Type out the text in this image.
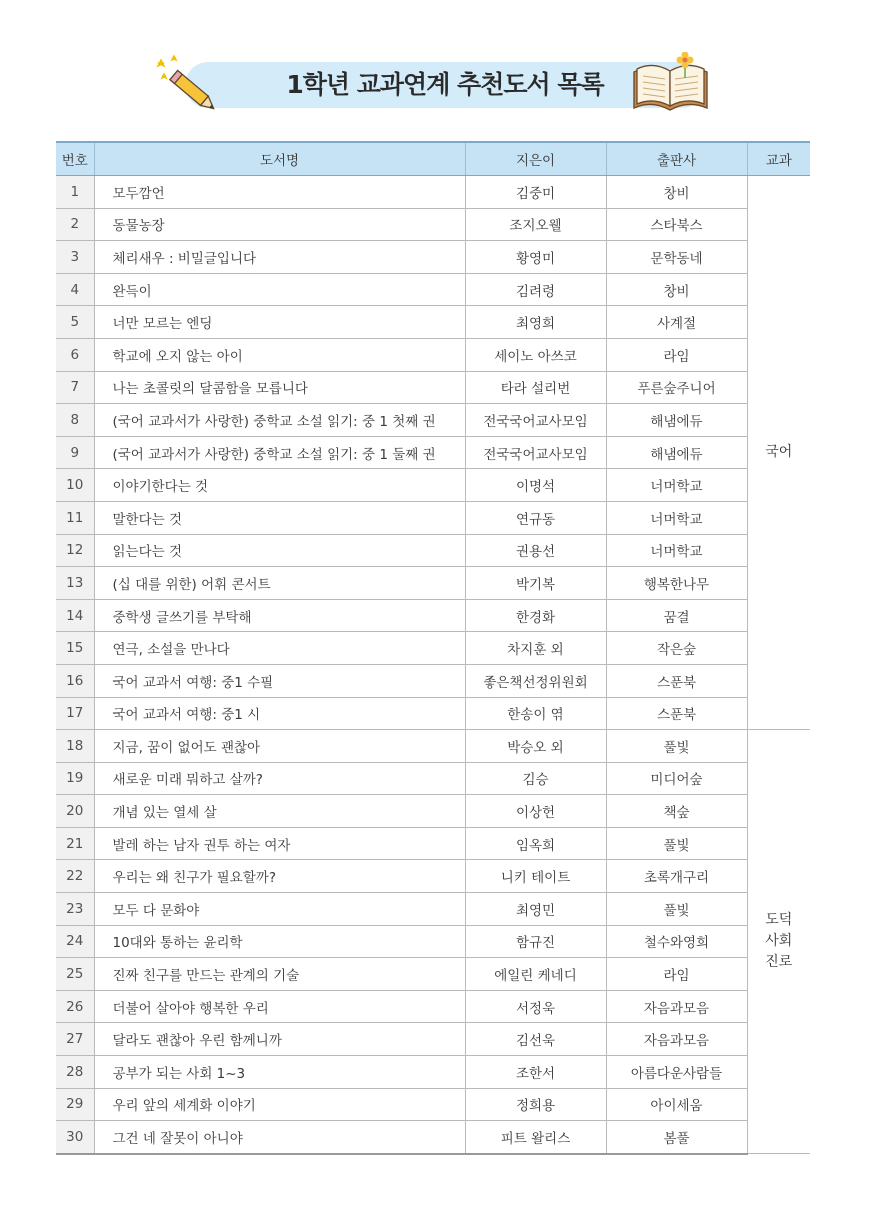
1학년 교과연계 추천도서 목록
번호	도서명	지은이	출판사	교과
1	모두깜언	김중미	창비	국어
2	동물농장	조지오웰	스타북스	
3	체리새우 : 비밀글입니다	황영미	문학동네	
4	완득이	김려령	창비	
5	너만 모르는 엔딩	최영희	사계절	
6	학교에 오지 않는 아이	세이노 아쓰코	라임	
7	나는 초콜릿의 달콤함을 모릅니다	타라 설리번	푸른숲주니어	
8	(국어 교과서가 사랑한) 중학교 소설 읽기: 중 1 첫째 권	전국국어교사모임	해냄에듀	
9	(국어 교과서가 사랑한) 중학교 소설 읽기: 중 1 둘째 권	전국국어교사모임	해냄에듀	
10	이야기한다는 것	이명석	너머학교	
11	말한다는 것	연규동	너머학교	
12	읽는다는 것	권용선	너머학교	
13	(십 대를 위한) 어휘 콘서트	박기복	행복한나무	
14	중학생 글쓰기를 부탁해	한경화	꿈결	
15	연극, 소설을 만나다	차지훈 외	작은숲	
16	국어 교과서 여행: 중1 수필	좋은책선정위원회	스푼북	
17	국어 교과서 여행: 중1 시	한송이 엮	스푼북	
18	지금, 꿈이 없어도 괜찮아	박승오 외	풀빛	도덕
사회
진로
19	새로운 미래 뭐하고 살까?	김승	미디어숲	
20	개념 있는 열세 살	이상헌	책숲	
21	발레 하는 남자 권투 하는 여자	임옥희	풀빛	
22	우리는 왜 친구가 필요할까?	니키 테이트	초록개구리	
23	모두 다 문화야	최영민	풀빛	
24	10대와 통하는 윤리학	함규진	철수와영희	
25	진짜 친구를 만드는 관계의 기술	에일린 케네디	라임	
26	더불어 살아야 행복한 우리	서정욱	자음과모음	
27	달라도 괜찮아 우린 함께니까	김선욱	자음과모음	
28	공부가 되는 사회 1~3	조한서	아름다운사람들	
29	우리 앞의 세계화 이야기	정희용	아이세움	
30	그건 네 잘못이 아니야	피트 왈리스	봄풀	
